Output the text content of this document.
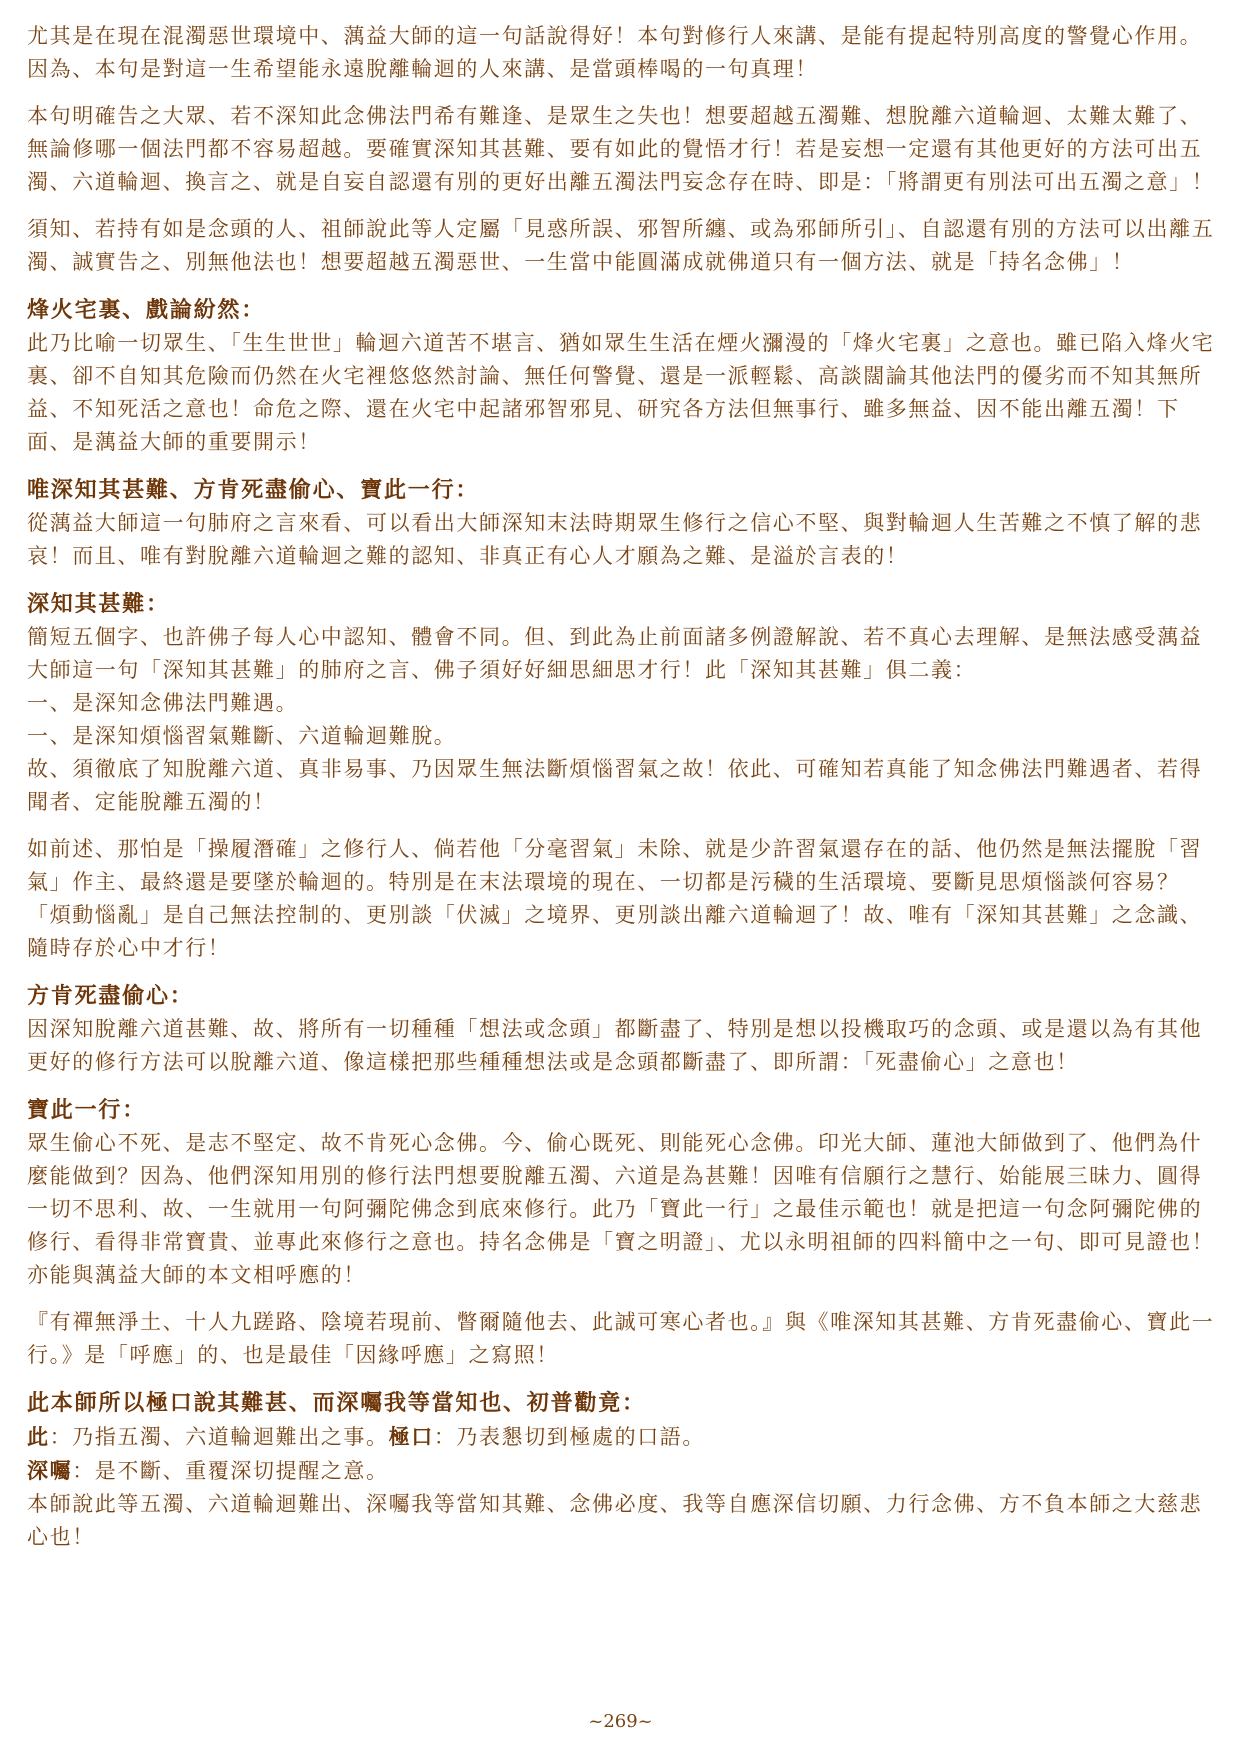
尤其是在現在混濁惡世環境中、蕅益大師的這一句話說得好！本句對修行人來講、是能有提起特別高度的警覺心作用。因為、本句是對這一生希望能永遠脫離輪迴的人來講、是當頭棒喝的一句真理！

本句明確告之大眾、若不深知此念佛法門希有難逢、是眾生之失也！想要超越五濁難、想脫離六道輪迴、太難太難了、無論修哪一個法門都不容易超越。要確實深知其甚難、要有如此的覺悟才行！若是妄想一定還有其他更好的方法可出五濁、六道輪迴、換言之、就是自妄自認還有別的更好出離五濁法門妄念存在時、即是：「將謂更有別法可出五濁之意」！

須知、若持有如是念頭的人、祖師說此等人定屬「見惑所誤、邪智所纏、或為邪師所引」、自認還有別的方法可以出離五濁、誠實告之、別無他法也！想要超越五濁惡世、一生當中能圓滿成就佛道只有一個方法、就是「持名念佛」！

烽火宅裏、戲論紛然：

此乃比喻一切眾生、「生生世世」輪迴六道苦不堪言、猶如眾生生活在煙火瀰漫的「烽火宅裏」之意也。雖已陷入烽火宅裏、卻不自知其危險而仍然在火宅裡悠悠然討論、無任何警覺、還是一派輕鬆、高談闊論其他法門的優劣而不知其無所益、不知死活之意也！命危之際、還在火宅中起諸邪智邪見、研究各方法但無事行、雖多無益、因不能出離五濁！下面、是蕅益大師的重要開示！

唯深知其甚難、方肯死盡偷心、寶此一行：

從蕅益大師這一句肺府之言來看、可以看出大師深知末法時期眾生修行之信心不堅、與對輪迴人生苦難之不慎了解的悲哀！而且、唯有對脫離六道輪迴之難的認知、非真正有心人才願為之難、是溢於言表的！

深知其甚難：

簡短五個字、也許佛子每人心中認知、體會不同。但、到此為止前面諸多例證解說、若不真心去理解、是無法感受蕅益大師這一句「深知其甚難」的肺府之言、佛子須好好細思細思才行！此「深知其甚難」俱二義：
一、是深知念佛法門難遇。
一、是深知煩惱習氣難斷、六道輪迴難脫。
故、須徹底了知脫離六道、真非易事、乃因眾生無法斷煩惱習氣之故！依此、可確知若真能了知念佛法門難遇者、若得聞者、定能脫離五濁的！

如前述、那怕是「操履潛確」之修行人、倘若他「分毫習氣」未除、就是少許習氣還存在的話、他仍然是無法擺脫「習氣」作主、最終還是要墜於輪迴的。特別是在末法環境的現在、一切都是污穢的生活環境、要斷見思煩惱談何容易？「煩動惱亂」是自己無法控制的、更別談「伏滅」之境界、更別談出離六道輪迴了！故、唯有「深知其甚難」之念識、隨時存於心中才行！

方肯死盡偷心：

因深知脫離六道甚難、故、將所有一切種種「想法或念頭」都斷盡了、特別是想以投機取巧的念頭、或是還以為有其他更好的修行方法可以脫離六道、像這樣把那些種種想法或是念頭都斷盡了、即所謂：「死盡偷心」之意也！

寶此一行：

眾生偷心不死、是志不堅定、故不肯死心念佛。今、偷心既死、則能死心念佛。印光大師、蓮池大師做到了、他們為什麼能做到？因為、他們深知用別的修行法門想要脫離五濁、六道是為甚難！因唯有信願行之慧行、始能展三昧力、圓得一切不思利、故、一生就用一句阿彌陀佛念到底來修行。此乃「寶此一行」之最佳示範也！就是把這一句念阿彌陀佛的修行、看得非常寶貴、並專此來修行之意也。持名念佛是「寶之明證」、尤以永明祖師的四料簡中之一句、即可見證也！亦能與蕅益大師的本文相呼應的！

『有禪無淨土、十人九蹉路、陰境若現前、瞥爾隨他去、此誠可寒心者也。』與《唯深知其甚難、方肯死盡偷心、寶此一行。》是「呼應」的、也是最佳「因緣呼應」之寫照！

此本師所以極口說其難甚、而深囑我等當知也、初普勸竟：

此：乃指五濁、六道輪迴難出之事。極口：乃表懇切到極處的口語。
深囑：是不斷、重覆深切提醒之意。
本師說此等五濁、六道輪迴難出、深囑我等當知其難、念佛必度、我等自應深信切願、力行念佛、方不負本師之大慈悲心也！

~269~
